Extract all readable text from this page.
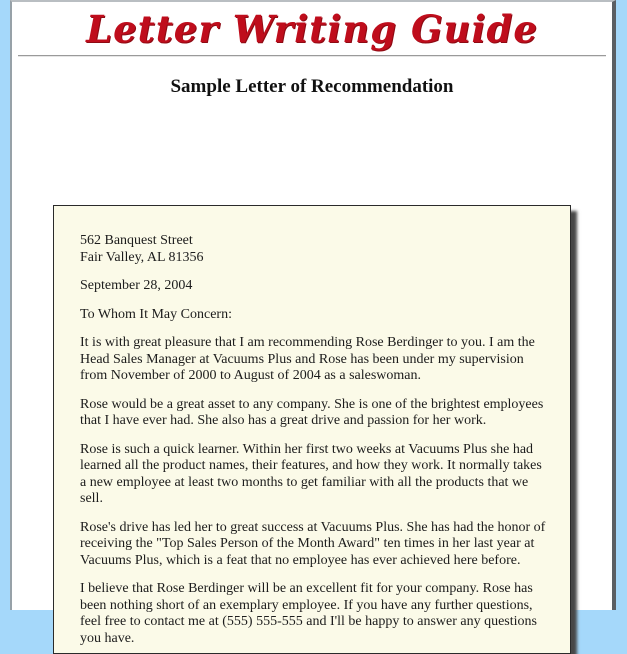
Letter Writing Guide
Sample Letter of Recommendation

562 Banquest Street

Fair Valley, AL 81356

September 28, 2004

To Whom It May Concern:

It is with great pleasure that I am recommending Rose Berdinger to you. I am the Head Sales Manager at Vacuums Plus and Rose has been under my supervision from November of 2000 to August of 2004 as a saleswoman.

Rose would be a great asset to any company. She is one of the brightest employees that I have ever had. She also has a great drive and passion for her work.

Rose is such a quick learner. Within her first two weeks at Vacuums Plus she had learned all the product names, their features, and how they work. It normally takes a new employee at least two months to get familiar with all the products that we sell.

Rose's drive has led her to great success at Vacuums Plus. She has had the honor of receiving the "Top Sales Person of the Month Award" ten times in her last year at Vacuums Plus, which is a feat that no employee has ever achieved here before.

I believe that Rose Berdinger will be an excellent fit for your company. Rose has been nothing short of an exemplary employee. If you have any further questions, feel free to contact me at (555) 555-555 and I'll be happy to answer any questions you have.
